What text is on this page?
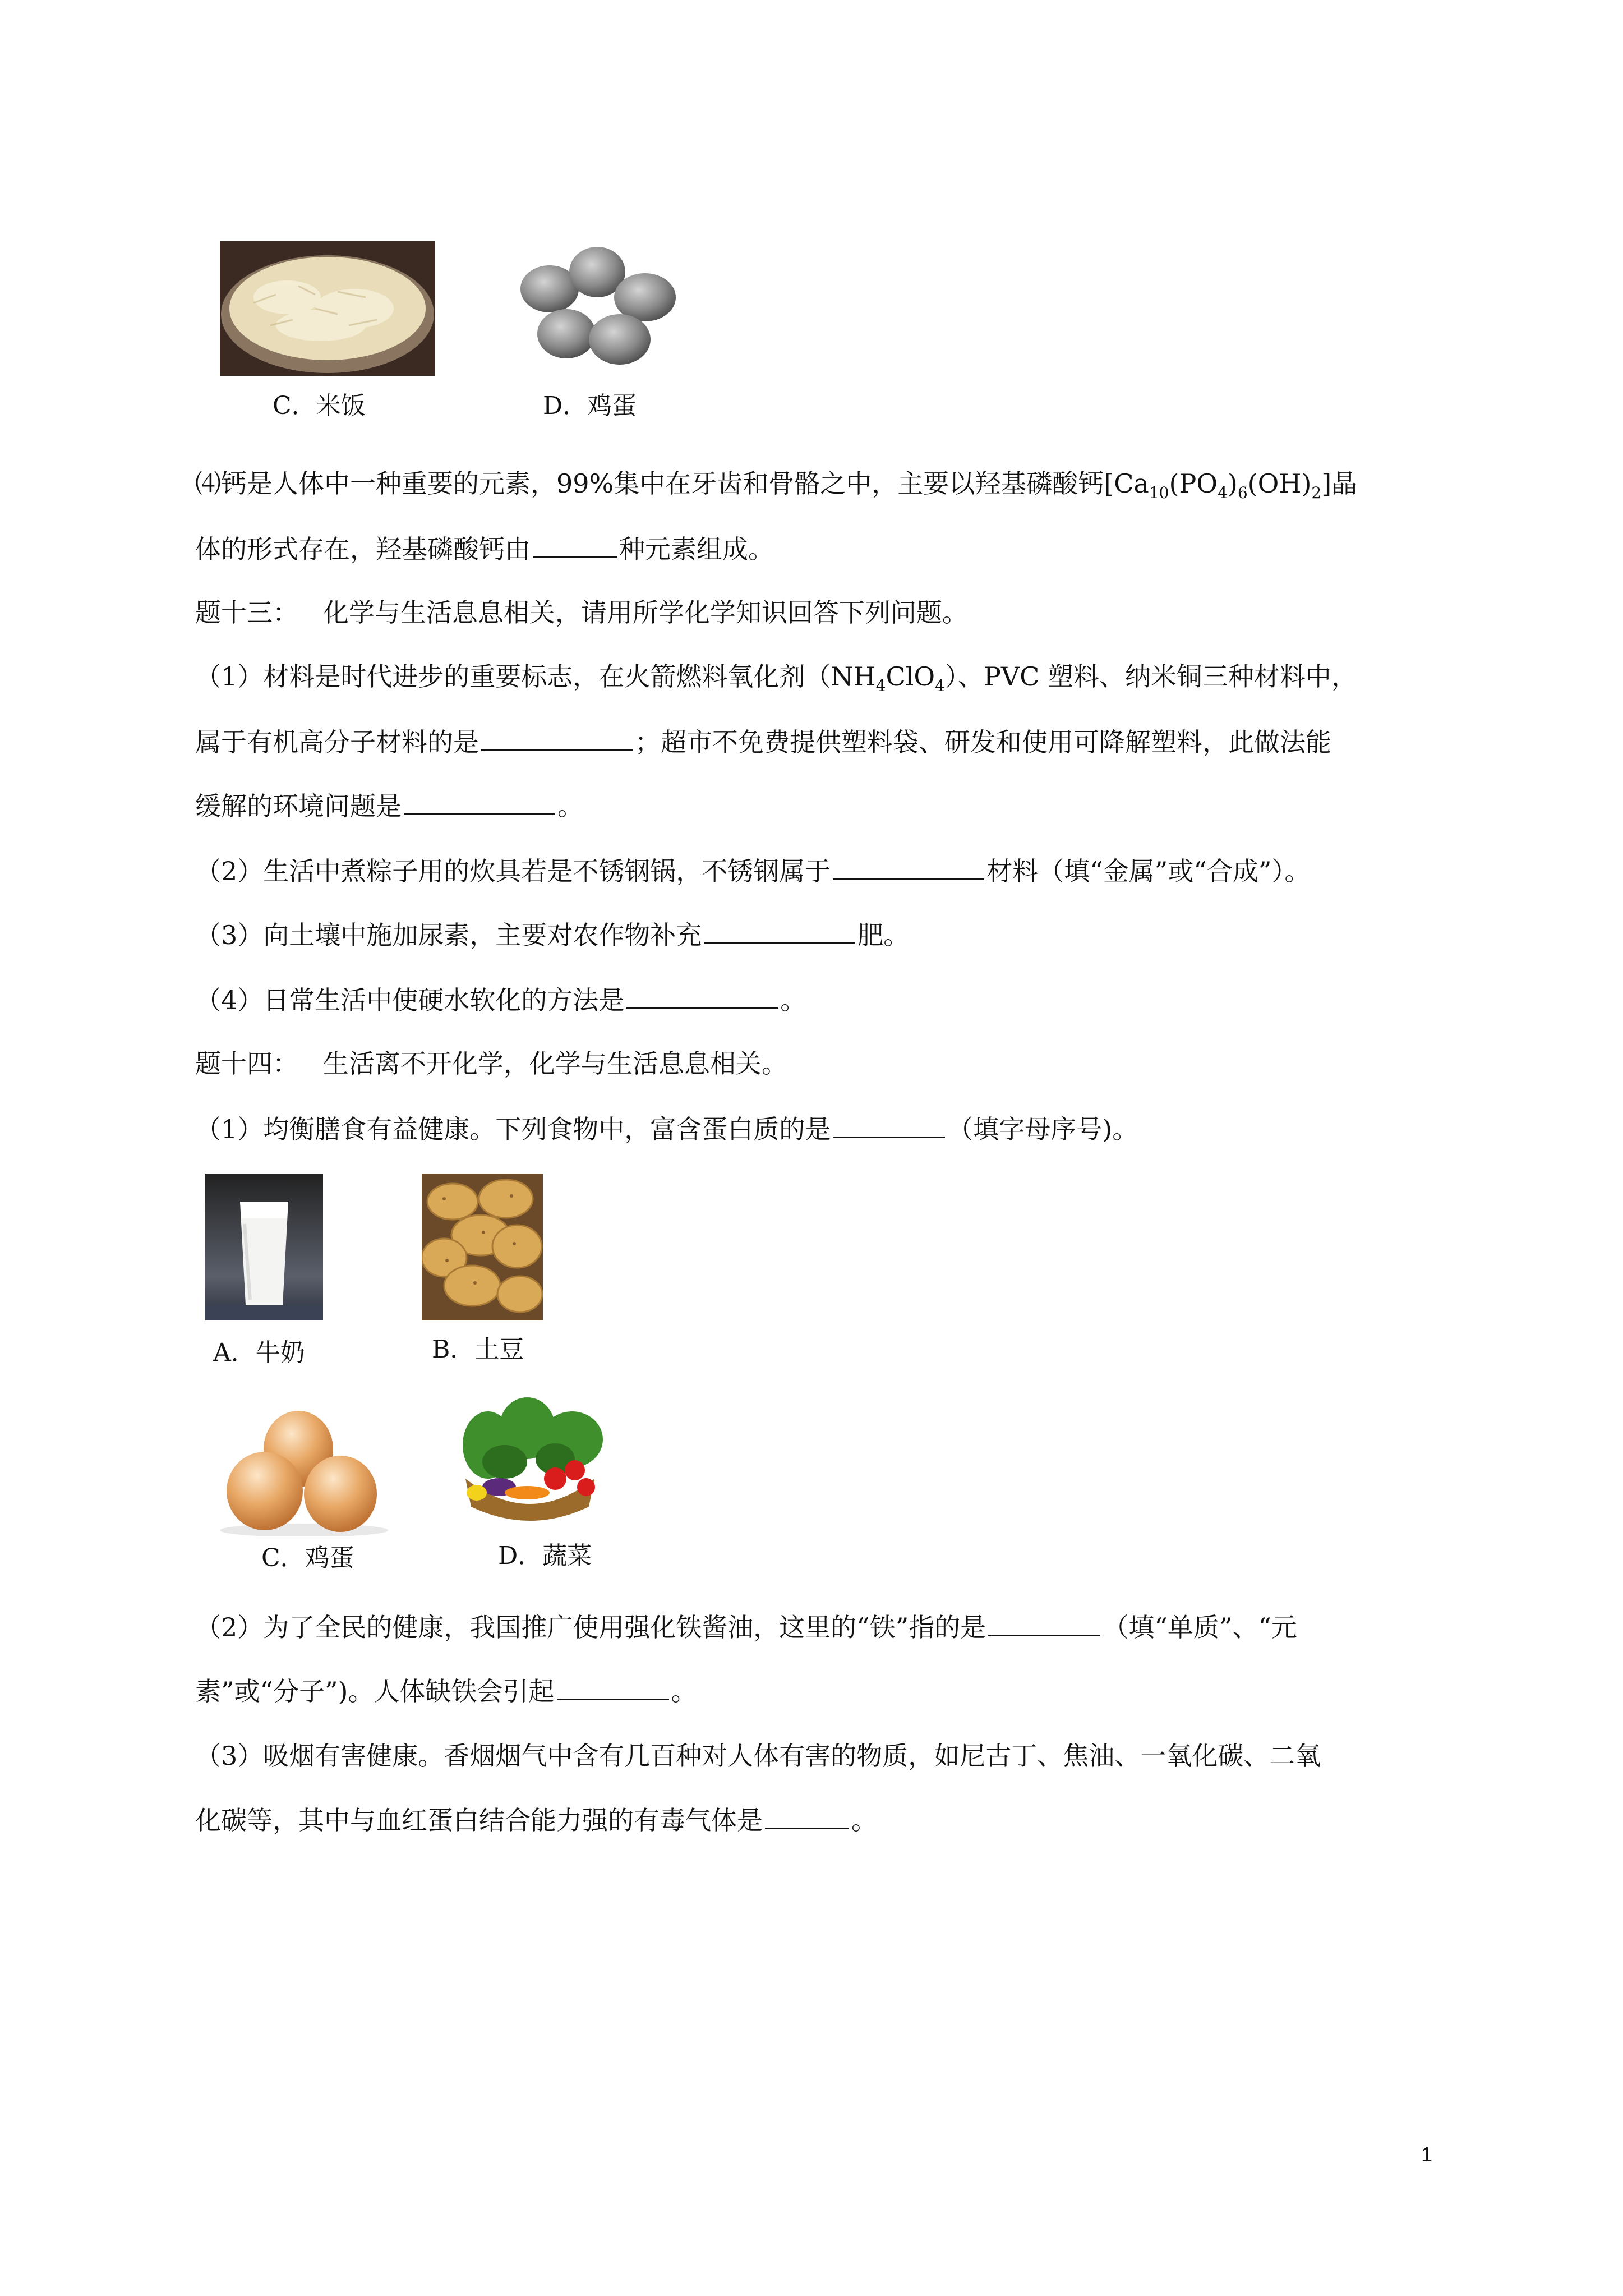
C．米饭	D．鸡蛋
⑷钙是人体中一种重要的元素，99%集中在牙齿和骨骼之中，主要以羟基磷酸钙$[Ca_{10}(PO_4)_6(OH)_2]$晶
体的形式存在，羟基磷酸钙由	种元素组成。
题十三：   化学与生活息息相关，请用所学化学知识回答下列问题。
（1）材料是时代进步的重要标志，在火箭燃料氧化剂$(NH_4ClO_4)$、PVC 塑料、纳米铜三种材料中，
属于有机高分子材料的是	；超市不免费提供塑料袋、研发和使用可降解塑料，此做法能
缓解的环境问题是	。
（2）生活中煮粽子用的炊具若是不锈钢锅，不锈钢属于	材料（填“金属”或“合成”）。
（3）向土壤中施加尿素，主要对农作物补充	肥。
（4）日常生活中使硬水软化的方法是	。
题十四：   生活离不开化学，化学与生活息息相关。
（1）均衡膳食有益健康。下列食物中，富含蛋白质的是	（填字母序号)。
A．牛奶	B．土豆
C．鸡蛋	D．蔬菜
（2）为了全民的健康，我国推广使用强化铁酱油，这里的“铁”指的是	（填“单质”、“元
素”或“分子”)。人体缺铁会引起	。
（3）吸烟有害健康。香烟烟气中含有几百种对人体有害的物质，如尼古丁、焦油、一氧化碳、二氧
化碳等，其中与血红蛋白结合能力强的有毒气体是	。
1
